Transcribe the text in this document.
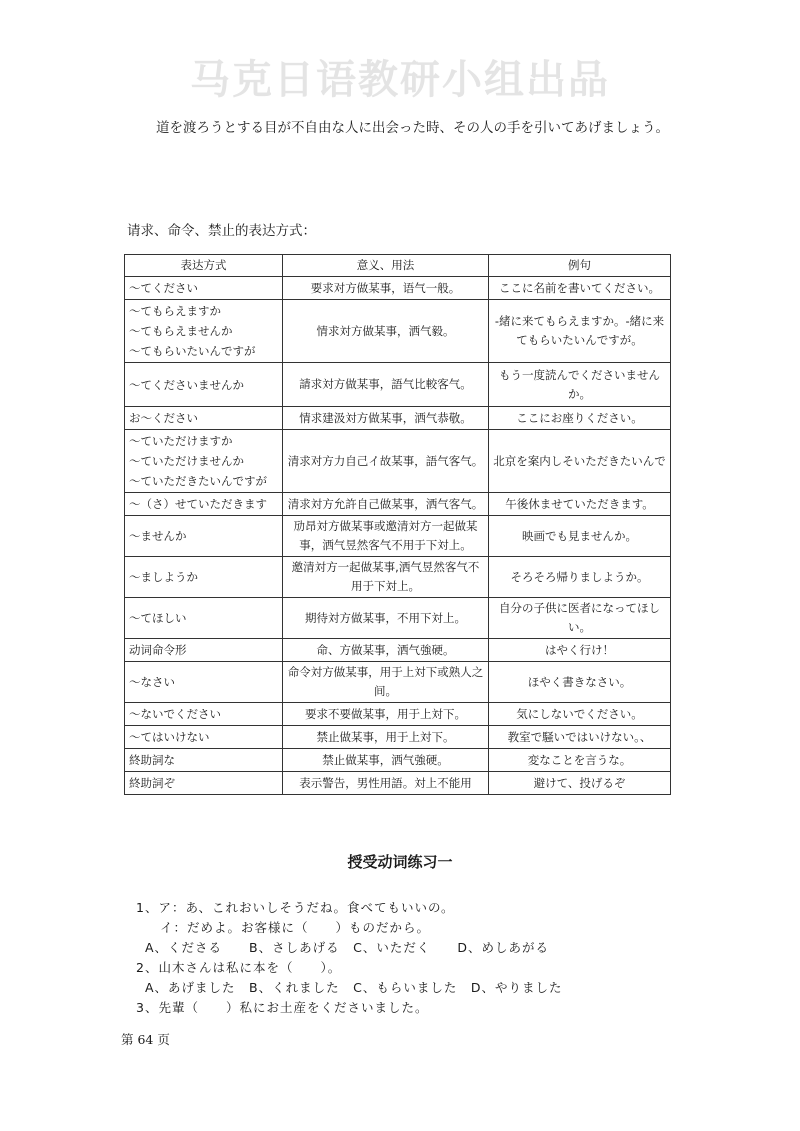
马克日语教研小组出品
道を渡ろうとする目が不自由な人に出会った時、その人の手を引いてあげましょう。
请求、命令、禁止的表达方式：
表达方式	意义、用法	例句

～てください	要求对方做某事，语气一般。	ここに名前を書いてください。

～てもらえますか
～てもらえませんか
～てもらいたいんですが	情求対方做某事，洒气毅。	-緒に来てもらえますか。-緒に来てもらいたいんですが。

～てくださいませんか	請求対方做某事，語气比較客气。	もう一度読んでくださいませんか。

お～ください	情求建汲対方做某事，洒气恭敬。	ここにお座りください。

～ていただけますか
～ていただけませんか
～ていただきたいんですが	清求对方力自己イ故某事，語气客气。	北京を案内しそいただきたいんで

～（さ）せていただきます	清求対方允許自己做某事，洒气客气。	午後休ませていただきます。

～ませんか	劢昂対方做某事或邀清対方一起做某事，洒气昱然客气不用于下対上。	映画でも見ませんか。

～ましようか	邀清対方一起做某事,洒气昱然客气不用于下対上。	そろそろ帰りましようか。

～てほしい	期待対方做某事，不用下対上。	自分の子供に医者になってほしい。

动词命令形	命、方做某事，洒气強硬。	はやく行け！

～なさい	命令対方做某事，用于上対下或熟人之间。	ほやく書きなさい。

～ないでください	要求不要做某事，用于上対下。	気にしないでください。

～てはいけない	禁止做某事，用于上対下。	教室で騒いではいけない。、

終助詞な	禁止做某事，洒气強硬。	変なことを言うな。

終助詞ぞ	表示警告，男性用語。対上不能用	避けて、投げるぞ
授受动词练习一
1、ア：あ、これおいしそうだね。食べてもいいの。
イ：だめよ。お客様に（　　）ものだから。
A、くださる　　B、さしあげる　C、いただく　　D、めしあがる
2、山木さんは私に本を（　　）。
A、あげました　B、くれました　C、もらいました　D、やりました
3、先輩（　　）私にお土産をくださいました。
第 64 页
